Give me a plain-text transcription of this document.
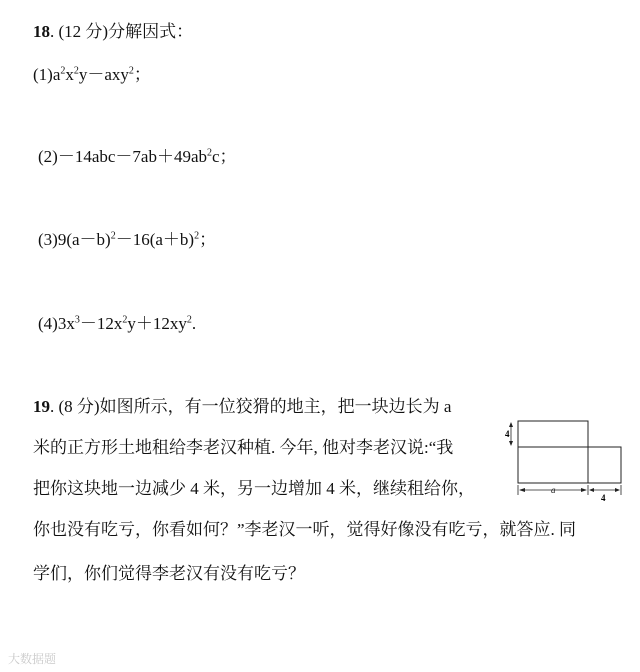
18. (12 分)分解因式：
$(1)a^2x^2y-axy^2$；
$(2)-14abc-7ab+49ab^2c$；
$(3)9(a-b)^2-16(a+b)^2$；
$(4)3x^3-12x^2y+12xy^2$.
19. (8 分)如图所示，有一位狡猾的地主，把一块边长为 a
米的正方形土地租给李老汉种植. 今年, 他对李老汉说:“我
把你这块地一边减少 4 米，另一边增加 4 米，继续租给你，
你也没有吃亏，你看如何？”李老汉一听，觉得好像没有吃亏，就答应. 同
学们，你们觉得李老汉有没有吃亏？
4
a
4
大数据题
